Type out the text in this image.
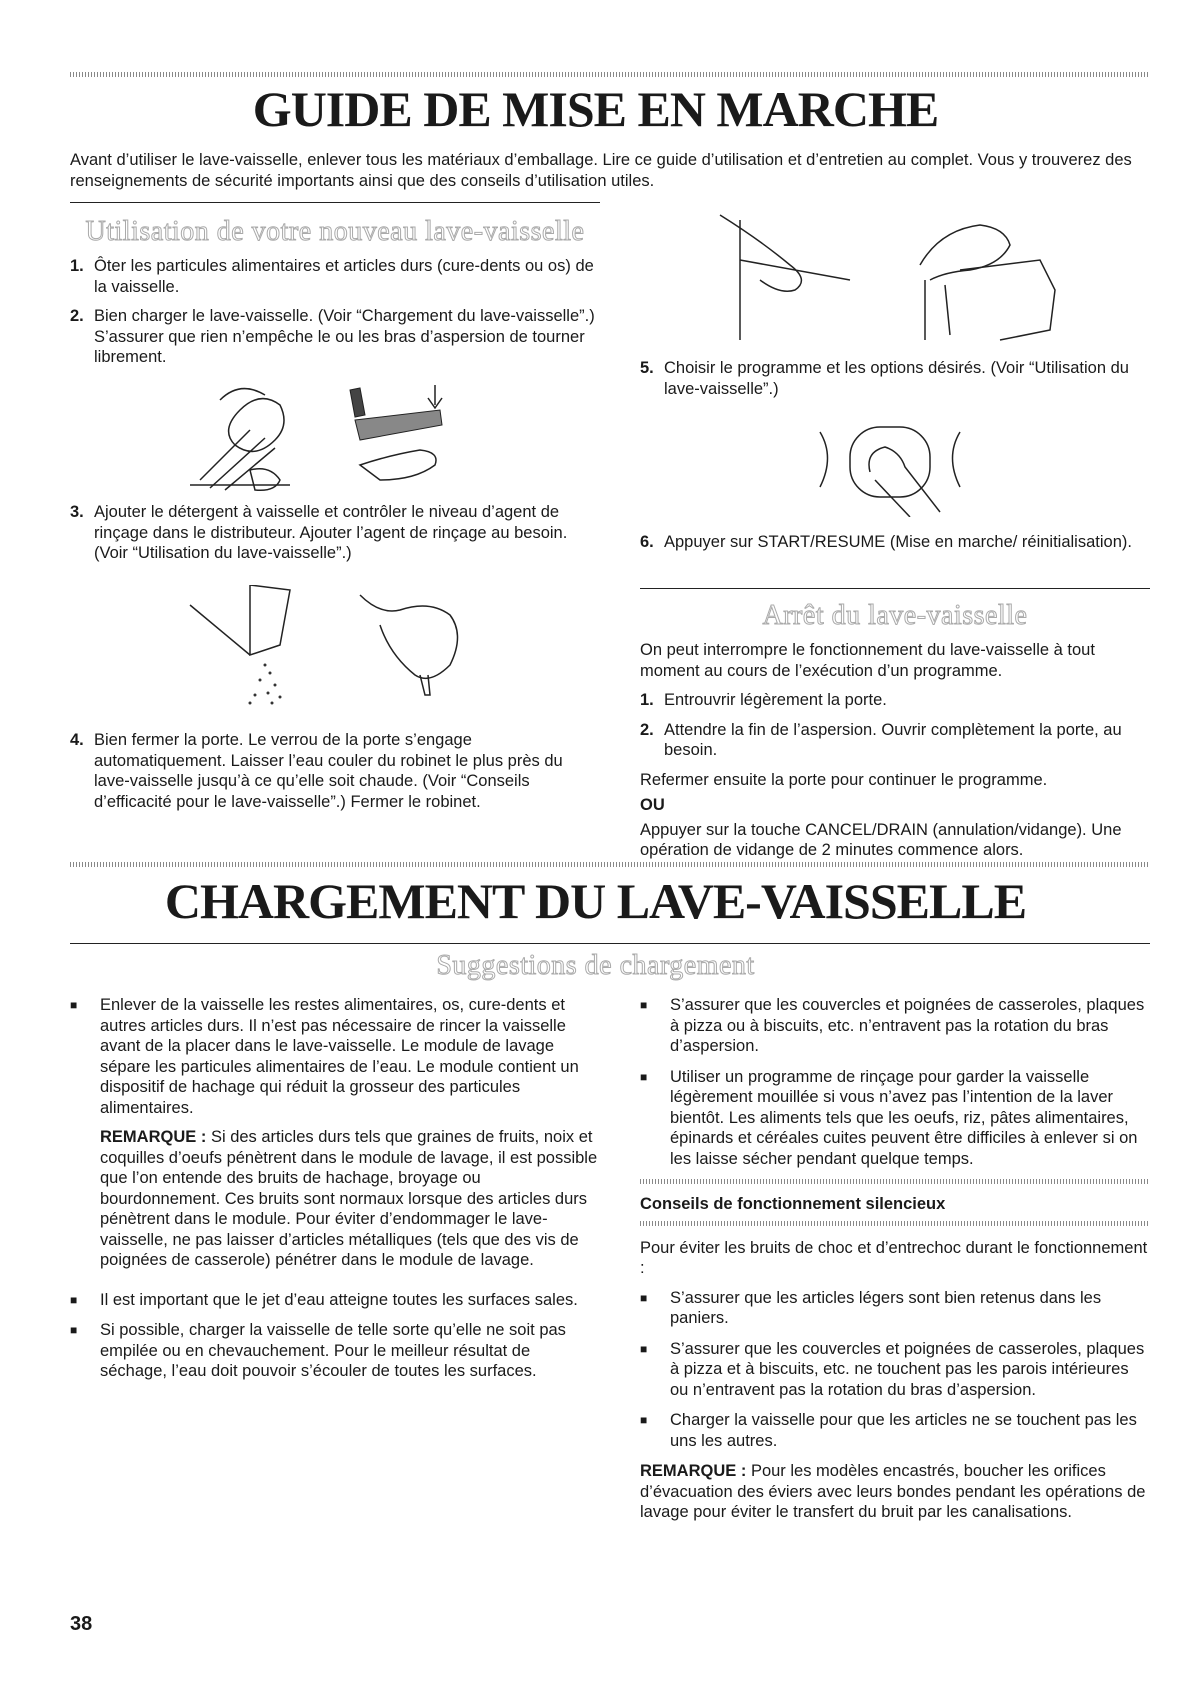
GUIDE DE MISE EN MARCHE
Avant d’utiliser le lave-vaisselle, enlever tous les matériaux d’emballage. Lire ce guide d’utilisation et d’entretien au complet. Vous y trouverez des renseignements de sécurité importants ainsi que des conseils d’utilisation utiles.
Utilisation de votre nouveau lave-vaisselle
1. Ôter les particules alimentaires et articles durs (cure-dents ou os) de la vaisselle.
2. Bien charger le lave-vaisselle. (Voir “Chargement du lave-vaisselle”.) S’assurer que rien n’empêche le ou les bras d’aspersion de tourner librement.
3. Ajouter le détergent à vaisselle et contrôler le niveau d’agent de rinçage dans le distributeur. Ajouter l’agent de rinçage au besoin. (Voir “Utilisation du lave-vaisselle”.)
4. Bien fermer la porte. Le verrou de la porte s’engage automatiquement. Laisser l’eau couler du robinet le plus près du lave-vaisselle jusqu’à ce qu’elle soit chaude. (Voir “Conseils d’efficacité pour le lave-vaisselle”.) Fermer le robinet.
5. Choisir le programme et les options désirés. (Voir “Utilisation du lave-vaisselle”.)
6. Appuyer sur START/RESUME (Mise en marche/ réinitialisation).
Arrêt du lave-vaisselle
On peut interrompre le fonctionnement du lave-vaisselle à tout moment au cours de l’exécution d’un programme.
1. Entrouvrir légèrement la porte.
2. Attendre la fin de l’aspersion. Ouvrir complètement la porte, au besoin.
Refermer ensuite la porte pour continuer le programme.
OU
Appuyer sur la touche CANCEL/DRAIN (annulation/vidange). Une opération de vidange de 2 minutes commence alors.
CHARGEMENT DU LAVE-VAISSELLE
Suggestions de chargement
■	Enlever de la vaisselle les restes alimentaires, os, cure-dents et autres articles durs. Il n’est pas nécessaire de rincer la vaisselle avant de la placer dans le lave-vaisselle. Le module de lavage sépare les particules alimentaires de l’eau. Le module contient un dispositif de hachage qui réduit la grosseur des particules alimentaires.
REMARQUE : Si des articles durs tels que graines de fruits, noix et coquilles d’oeufs pénètrent dans le module de lavage, il est possible que l’on entende des bruits de hachage, broyage ou bourdonnement. Ces bruits sont normaux lorsque des articles durs pénètrent dans le module. Pour éviter d’endommager le lave-vaisselle, ne pas laisser d’articles métalliques (tels que des vis de poignées de casserole) pénétrer dans le module de lavage.
■	Il est important que le jet d’eau atteigne toutes les surfaces sales.
■	Si possible, charger la vaisselle de telle sorte qu’elle ne soit pas empilée ou en chevauchement. Pour le meilleur résultat de séchage, l’eau doit pouvoir s’écouler de toutes les surfaces.
■	S’assurer que les couvercles et poignées de casseroles, plaques à pizza ou à biscuits, etc. n’entravent pas la rotation du bras d’aspersion.
■	Utiliser un programme de rinçage pour garder la vaisselle légèrement mouillée si vous n’avez pas l’intention de la laver bientôt. Les aliments tels que les oeufs, riz, pâtes alimentaires, épinards et céréales cuites peuvent être difficiles à enlever si on les laisse sécher pendant quelque temps.
Conseils de fonctionnement silencieux
Pour éviter les bruits de choc et d’entrechoc durant le fonctionnement :
■	S’assurer que les articles légers sont bien retenus dans les paniers.
■	S’assurer que les couvercles et poignées de casseroles, plaques à pizza et à biscuits, etc. ne touchent pas les parois intérieures ou n’entravent pas la rotation du bras d’aspersion.
■	Charger la vaisselle pour que les articles ne se touchent pas les uns les autres.
REMARQUE : Pour les modèles encastrés, boucher les orifices d’évacuation des éviers avec leurs bondes pendant les opérations de lavage pour éviter le transfert du bruit par les canalisations.
38
